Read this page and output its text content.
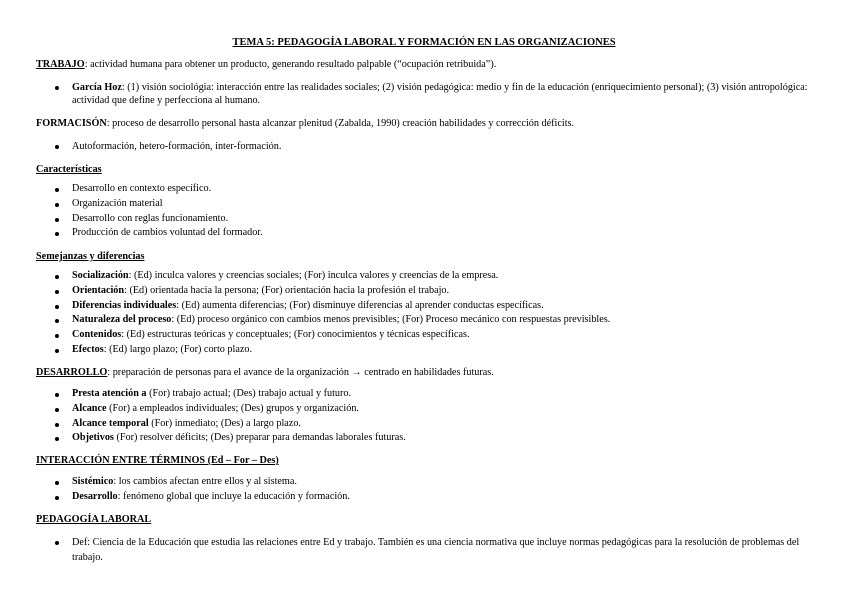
TEMA 5: PEDAGOGÍA LABORAL Y FORMACIÓN EN LAS ORGANIZACIONES
TRABAJO: actividad humana para obtener un producto, generando resultado palpable (“ocupación retribuida”).
García Hoz: (1) visión sociológia: interacción entre las realidades sociales; (2) visión pedagógica: medio y fin de la educación (enriquecimiento personal); (3) visión antropológica: actividad que define y perfecciona al humano.
FORMACISÓN: proceso de desarrollo personal hasta alcanzar plenitud (Zabalda, 1990) creación habilidades y corrección déficits.
Autoformación, hetero-formación, inter-formación.
Características
Desarrollo en contexto específico.
Organización material
Desarrollo con reglas funcionamiento.
Producción de cambios voluntad del formador.
Semejanzas y diferencias
Socialización: (Ed) inculca valores y creencias sociales; (For) inculca valores y creencias de la empresa.
Orientación: (Ed) orientada hacia la persona; (For) orientación hacia la profesión el trabajo.
Diferencias individuales: (Ed) aumenta diferencias; (For) disminuye diferencias al aprender conductas específicas.
Naturaleza del proceso: (Ed) proceso orgánico con cambios menos previsibles; (For) Proceso mecánico con respuestas previsibles.
Contenidos: (Ed) estructuras teóricas y conceptuales; (For) conocimientos y técnicas específicas.
Efectos: (Ed) largo plazo; (For) corto plazo.
DESARROLLO: preparación de personas para el avance de la organización → centrado en habilidades futuras.
Presta atención a (For) trabajo actual; (Des) trabajo actual y futuro.
Alcance (For) a empleados individuales; (Des) grupos y organización.
Alcance temporal (For) inmediato; (Des) a largo plazo.
Objetivos (For) resolver déficits; (Des) preparar para demandas laborales futuras.
INTERACCIÓN ENTRE TÉRMINOS (Ed – For – Des)
Sistémico: los cambios afectan entre ellos y al sistema.
Desarrollo: fenómeno global que incluye la educación y formación.
PEDAGOGÍA LABORAL
Def: Ciencia de la Educación que estudia las relaciones entre Ed y trabajo. También es una ciencia normativa que incluye normas pedagógicas para la resolución de problemas del trabajo.
